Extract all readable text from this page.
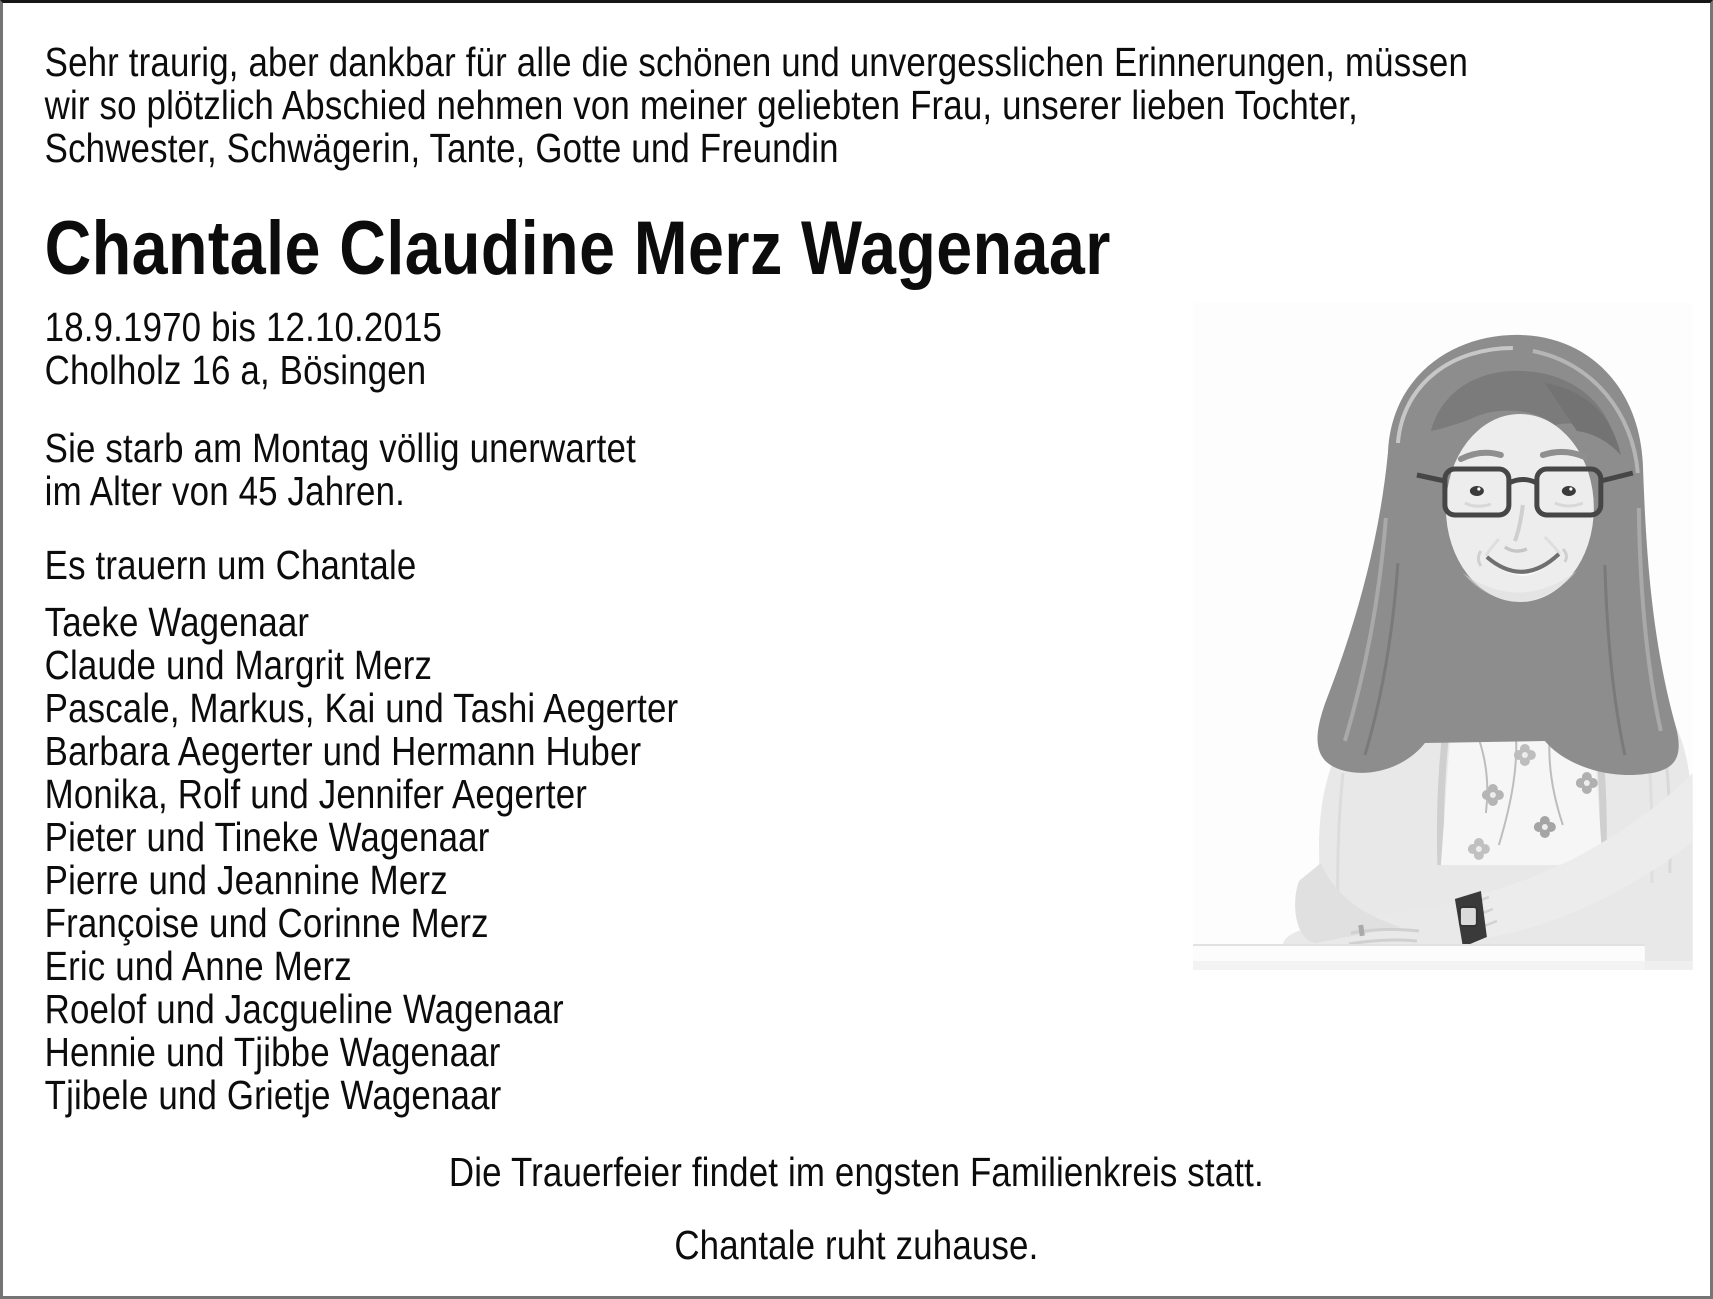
Sehr traurig, aber dankbar für alle die schönen und unvergesslichen Erinnerungen, müssen
wir so plötzlich Abschied nehmen von meiner geliebten Frau, unserer lieben Tochter,
Schwester, Schwägerin, Tante, Gotte und Freundin
Chantale Claudine Merz Wagenaar
18.9.1970 bis 12.10.2015
Cholholz 16 a, Bösingen
Sie starb am Montag völlig unerwartet
im Alter von 45 Jahren.
Es trauern um Chantale
Taeke Wagenaar
Claude und Margrit Merz
Pascale, Markus, Kai und Tashi Aegerter
Barbara Aegerter und Hermann Huber
Monika, Rolf und Jennifer Aegerter
Pieter und Tineke Wagenaar
Pierre und Jeannine Merz
Françoise und Corinne Merz
Eric und Anne Merz
Roelof und Jacgueline Wagenaar
Hennie und Tjibbe Wagenaar
Tjibele und Grietje Wagenaar
Die Trauerfeier findet im engsten Familienkreis statt.
Chantale ruht zuhause.
